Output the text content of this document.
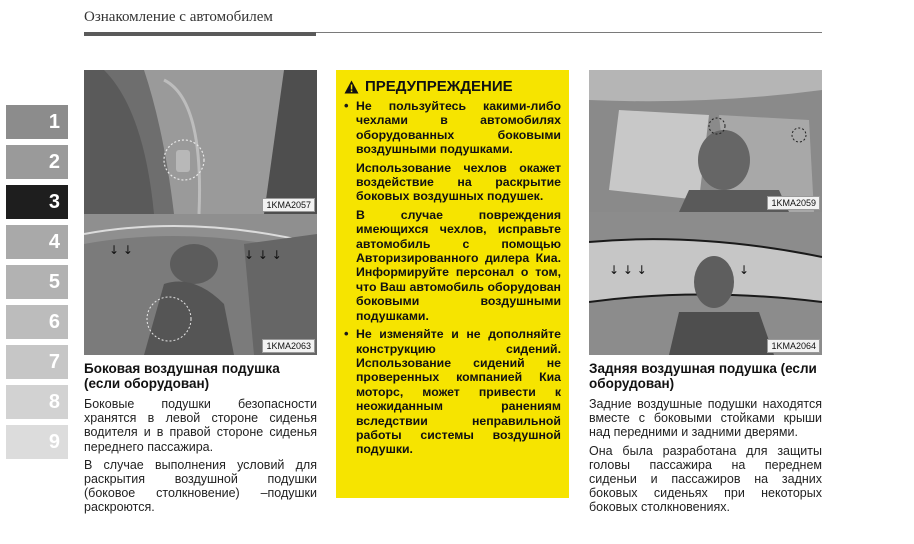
Ознакомление с автомобилем
1
2
3
4
5
6
7
8
9
1KMA2057
↓ ↓	↓ ↓ ↓
1KMA2063
Боковая воздушная подушка (если оборудован)

Боковые подушки безопасности хранятся в левой стороне сиденья водителя и в правой стороне сиденья переднего пассажира.

В случае выполнения условий для раскрытия воздушной подушки (боковое столкновение) –подушки раскроются.

ПРЕДУПРЕЖДЕНИЕ
• Не пользуйтесь какими-либо чехлами в автомобилях оборудованных боковыми воздушными подушками.

Использование чехлов окажет воздействие на раскрытие боковых воздушных подушек.

В случае повреждения имеющихся чехлов, исправьте автомобиль с помощью Авторизированного дилера Киа. Информируйте персонал о том, что Ваш автомобиль оборудован боковыми воздушными подушками.

• Не изменяйте и не дополняйте конструкцию сидений. Использование сидений не проверенных компанией Киа моторс, может привести к неожиданным ранениям вследствии неправильной работы системы воздушной подушки.

1KMA2059
↓ ↓ ↓	↓
1KMA2064
Задняя воздушная подушка (если оборудован)

Задние воздушные подушки находятся вместе с боковыми стойками крыши над передними и задними дверями.

Она была разработана для защиты головы пассажира на переднем сиденьи и пассажиров на задних боковых сиденьях при некоторых боковых столкновениях.
